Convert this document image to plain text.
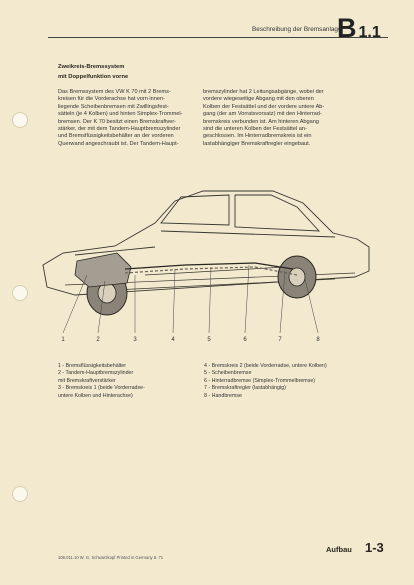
Beschreibung der Bremsanlage
B 1.1
Zweikreis-Bremssystem
mit Doppelfunktion vorne

Das Bremssystem des VW K 70 mit 2 Brems-

kreisen für die Vorderachse hat vorn innen-

liegende Scheibenbremsen mit Zwillingsfest-

sätteln (je 4 Kolben) und hinten Simplex-Trommel-

bremsen. Der K 70 besitzt einen Bremskraftver-

stärker, der mit dem Tandem-Hauptbremszylinder

und Bremsflüssigkeitsbehälter an der vorderen

Querwand angeschraubt ist. Der Tandem-Haupt-

bremszylinder hat 2 Leitungsabgänge, wobei der

vordere wiegeseitige Abgang mit den oberen

Kolben der Festsättel und der vordere untere Ab-

gang (der am Vorratsvorsatz) mit den Hinterrad-

bremskreis verbunden ist. Am hinteren Abgang

sind die unteren Kolben der Festsättel an-

geschlossen. Im Hinterradbremskreis ist ein

lastabhängiger Bremskraftregler eingebaut.

1	2	3	4	5	6	7	8
1 - Bremsflüssigkeitsbehälter
2 - Tandem-Hauptbremszylinder
mit Bremskraftverstärker
3 - Bremskreis 1 (beide Vorderradse-
untere Kolben und Hinterachse)
4 - Bremskreis 2 (beide Vorderradse, untere Kolben)
5 - Scheibenbremse
6 - Hinterradbremse (Simplex-Trommelbremse)
7 - Bremskraftregler (lastabhängig)
8 - Handbremse
Aufbau 1-3
108.011.10 W. G. Schwarzkopf Printed in Germany 8. 71
